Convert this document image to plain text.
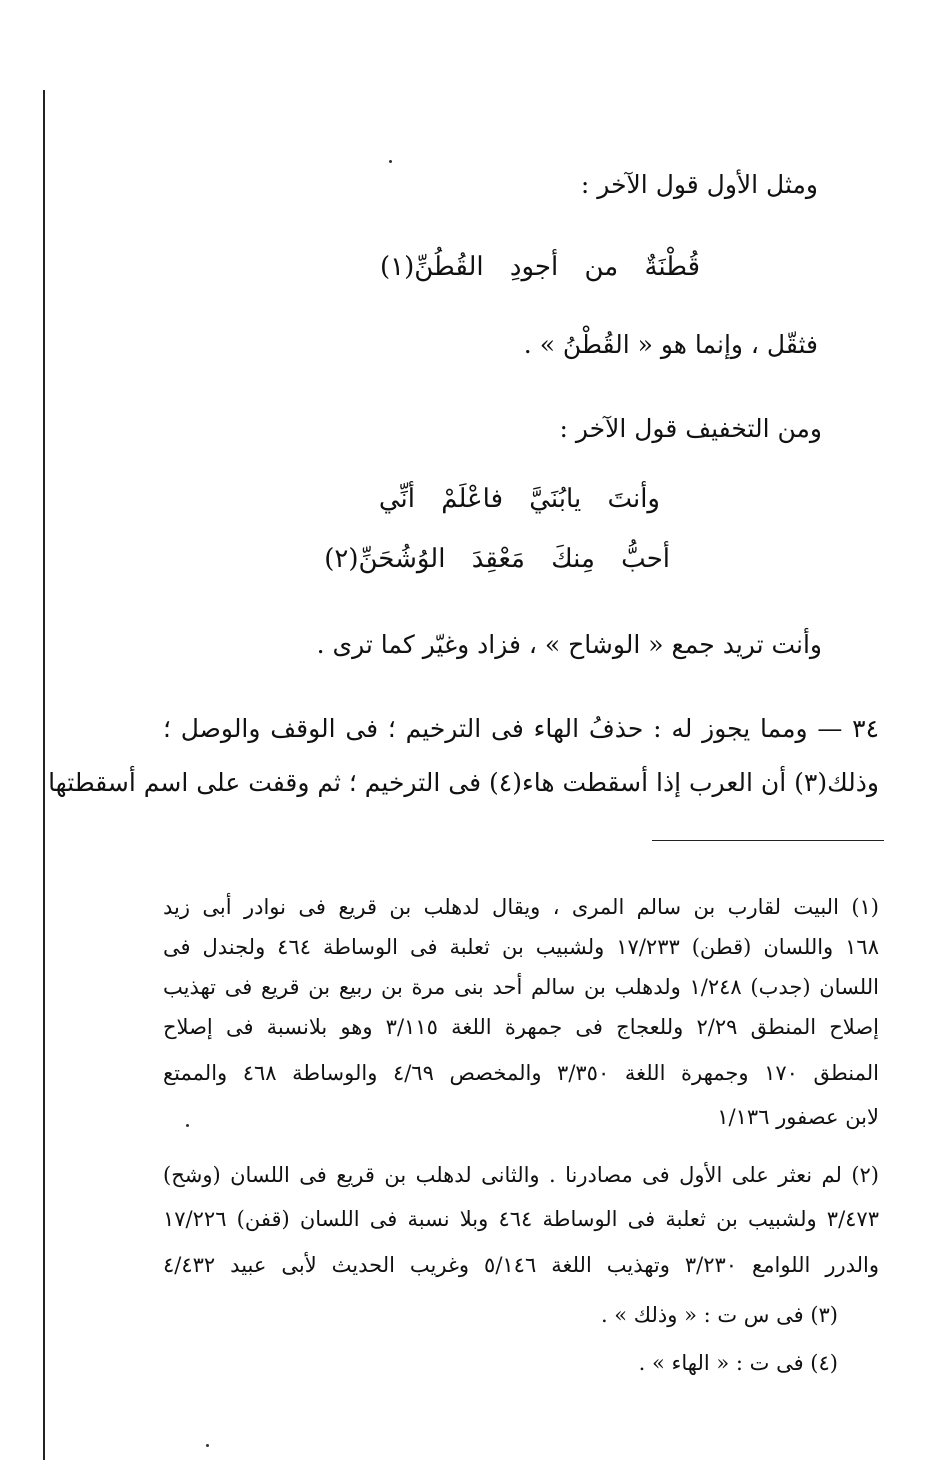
ومثل الأول قول الآخر :
قُطْنَةٌ من أجودِ القُطُنِّ(١)
فثقّل ، وإنما هو « القُطْنُ » .
ومن التخفيف قول الآخر :
وأنتَ يابُنَيَّ فاعْلَمْ أنِّي
أحبُّ مِنكَ مَعْقِدَ الوُشُحَنِّ(٢)
وأنت تريد جمع « الوشاح » ، فزاد وغيّر كما ترى .
٣٤ — ومما يجوز له : حذفُ الهاء فى الترخيم ؛ فى الوقف والوصل ؛
وذلك(٣) أن العرب إذا أسقطت هاء(٤) فى الترخيم ؛ ثم وقفت على اسم أسقطتها
(١) البيت لقارب بن سالم المرى ، ويقال لدهلب بن قريع فى نوادر أبى زيد
١٦٨ واللسان (قطن) ١٧/٢٣٣ ولشبيب بن ثعلبة فى الوساطة ٤٦٤ ولجندل فى
اللسان (جدب) ١/٢٤٨ ولدهلب بن سالم أحد بنى مرة بن ربيع بن قريع فى تهذيب
إصلاح المنطق ٢/٢٩ وللعجاج فى جمهرة اللغة ٣/١١٥ وهو بلانسبة فى إصلاح
المنطق ١٧٠ وجمهرة اللغة ٣/٣٥٠ والمخصص ٤/٦٩ والوساطة ٤٦٨ والممتع
لابن عصفور ١/١٣٦
(٢) لم نعثر على الأول فى مصادرنا . والثانى لدهلب بن قريع فى اللسان (وشح)
٣/٤٧٣ ولشبيب بن ثعلبة فى الوساطة ٤٦٤ وبلا نسبة فى اللسان (قفن) ١٧/٢٢٦
والدرر اللوامع ٣/٢٣٠ وتهذيب اللغة ٥/١٤٦ وغريب الحديث لأبى عبيد ٤/٤٣٢
(٣) فى س ت : « وذلك » .
(٤) فى ت : « الهاء » .
